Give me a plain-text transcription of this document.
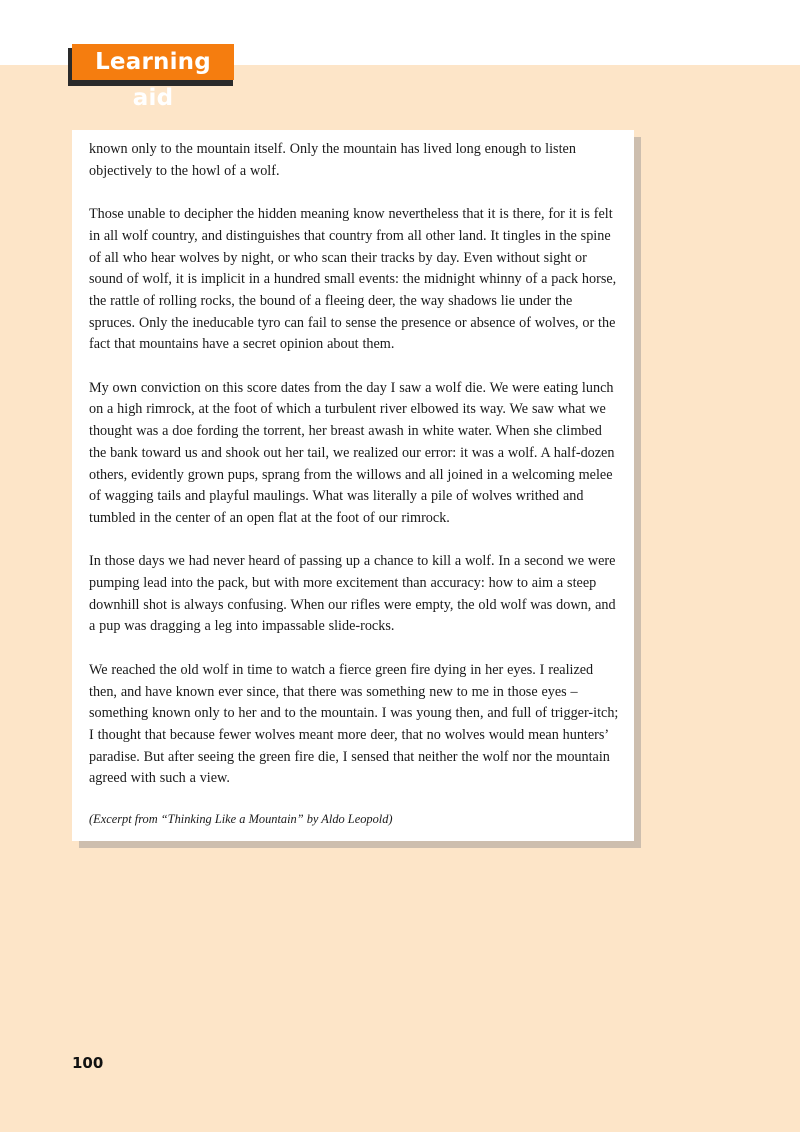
Learning aid

known only to the mountain itself. Only the mountain has lived long enough to listen objectively to the howl of a wolf.

Those unable to decipher the hidden meaning know nevertheless that it is there, for it is felt in all wolf country, and distinguishes that country from all other land. It tingles in the spine of all who hear wolves by night, or who scan their tracks by day. Even without sight or sound of wolf, it is implicit in a hundred small events: the midnight whinny of a pack horse, the rattle of rolling rocks, the bound of a fleeing deer, the way shadows lie under the spruces. Only the ineducable tyro can fail to sense the presence or absence of wolves, or the fact that mountains have a secret opinion about them.

My own conviction on this score dates from the day I saw a wolf die. We were eating lunch on a high rimrock, at the foot of which a turbulent river elbowed its way. We saw what we thought was a doe fording the torrent, her breast awash in white water. When she climbed the bank toward us and shook out her tail, we realized our error: it was a wolf. A half-dozen others, evidently grown pups, sprang from the willows and all joined in a welcoming melee of wagging tails and playful maulings. What was literally a pile of wolves writhed and tumbled in the center of an open flat at the foot of our rimrock.

In those days we had never heard of passing up a chance to kill a wolf. In a second we were pumping lead into the pack, but with more excitement than accuracy: how to aim a steep downhill shot is always confusing. When our rifles were empty, the old wolf was down, and a pup was dragging a leg into impassable slide-rocks.

We reached the old wolf in time to watch a fierce green fire dying in her eyes. I realized then, and have known ever since, that there was something new to me in those eyes – something known only to her and to the mountain. I was young then, and full of trigger-itch; I thought that because fewer wolves meant more deer, that no wolves would mean hunters’ paradise. But after seeing the green fire die, I sensed that neither the wolf nor the mountain agreed with such a view.

(Excerpt from “Thinking Like a Mountain” by Aldo Leopold)

100
